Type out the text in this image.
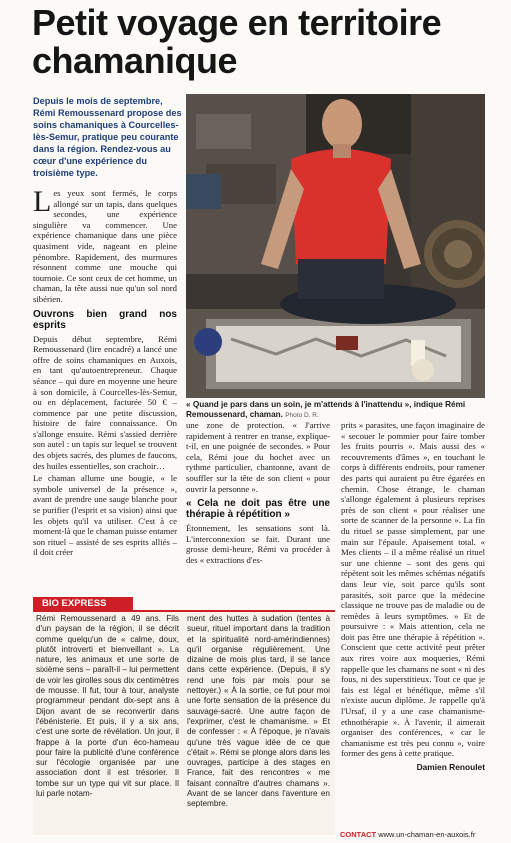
Petit voyage en territoire chamanique

Depuis le mois de septembre, Rémi Remoussenard propose des soins chamaniques à Courcelles-lès-Semur, pratique peu courante dans la région. Rendez-vous au cœur d'une expérience du troisième type.

« Quand je pars dans un soin, je m'attends à l'inattendu », indique Rémi Remoussenard, chaman. Photo D. R.

Les yeux sont fermés, le corps allongé sur un tapis, dans quelques secondes, une expérience singulière va commencer. Une expérience chamanique dans une pièce quasiment vide, nageant en pleine pénombre. Rapidement, des murmures résonnent comme une mouche qui tournoie. Ce sont ceux de cet homme, un chaman, la tête aussi nue qu'un sol nord sibérien.

Ouvrons bien grand nos esprits

Depuis début septembre, Rémi Remoussenard (lire encadré) a lancé une offre de soins chamaniques en Auxois, en tant qu'autoentrepreneur. Chaque séance – qui dure en moyenne une heure à son domicile, à Courcelles-lès-Semur, ou en déplacement, facturée 50 € – commence par une petite discussion, histoire de faire connaissance. On s'allonge ensuite. Rémi s'assied derrière son autel : un tapis sur lequel se trouvent des objets sacrés, des plumes de faucons, des huiles essentielles, son crachoir…

Le chaman allume une bougie, « le symbole universel de la présence », avant de prendre une sauge blanche pour se purifier (l'esprit et sa vision) ainsi que les objets qu'il va utiliser. C'est à ce moment-là que le chaman puisse entamer son rituel – assisté de ses esprits alliés – il doit créer

une zone de protection. « J'arrive rapidement à rentrer en transe, explique-t-il, en une poignée de secondes. » Pour cela, Rémi joue du hochet avec un rythme particulier, chantonne, avant de souffler sur la tête de son client « pour ouvrir la personne ».

« Cela ne doit pas être une thérapie à répétition »

Étonnement, les sensations sont là. L'interconnexion se fait. Durant une grosse demi-heure, Rémi va procéder à des « extractions d'es-

prits » parasites, une façon imaginaire de « secouer le pommier pour faire tomber les fruits pourris ». Mais aussi des « recouvrements d'âmes », en touchant le corps à différents endroits, pour ramener des parts qui auraient pu être égarées en chemin. Chose étrange, le chaman s'allonge également à plusieurs reprises près de son client « pour réaliser une sorte de scanner de la personne ». La fin du rituel se passe simplement, par une main sur l'épaule. Apaisement total. « Mes clients – il a même réalisé un rituel sur une chienne – sont des gens qui répètent soit les mêmes schémas négatifs dans leur vie, soit parce qu'ils sont parasités, soit parce que la médecine classique ne trouve pas de maladie ou de remèdes à leurs symptômes. » Et de poursuivre : « Mais attention, cela ne doit pas être une thérapie à répétition ». Conscient que cette activité peut prêter aux rires voire aux moqueries, Rémi rappelle que les chamans ne sont « ni des fous, ni des superstitieux. Tout ce que je fais est légal et bénéfique, même s'il n'existe aucun diplôme. Je rappelle qu'à l'Ursaf, il y a une case chamanisme-ethnothérapie ». À l'avenir, il aimerait organiser des conférences, « car le chamanisme est très peu connu », voire former des gens à cette pratique.

Damien Renoulet
BIO EXPRESS

Rémi Remoussenard a 49 ans. Fils d'un paysan de la région, il se décrit comme quelqu'un de « calme, doux, plutôt introverti et bienveillant ». La nature, les animaux et une sorte de sixième sens – paraît-il – lui permettent de voir les girolles sous dix centimètres de mousse. Il fut, tour à tour, analyste programmeur pendant dix-sept ans à Dijon avant de se reconvertir dans l'ébénisterie. Et puis, il y a six ans, c'est une sorte de révélation. Un jour, il frappe à la porte d'un éco-hameau pour faire la publicité d'une conférence sur l'écologie organisée par une association dont il est trésorier. Il tombe sur un type qui vit sur place. Il lui parle notam-

ment des huttes à sudation (tentes à sueur, rituel important dans la tradition et la spiritualité nord-amérindiennes) qu'il organise régulièrement. Une dizaine de mois plus tard, il se lance dans cette expérience. (Depuis, il s'y rend une fois par mois pour se nettoyer.) « À la sortie, ce fut pour moi une forte sensation de la présence du sauvage-sacré. Une autre façon de l'exprimer, c'est le chamanisme. » Et de confesser : « À l'époque, je n'avais qu'une très vague idée de ce que c'était ». Rémi se plonge alors dans les ouvrages, participe à des stages en France, fait des rencontres « me faisant connaître d'autres chamans ». Avant de se lancer dans l'aventure en septembre.

CONTACT www.un-chaman-en-auxois.fr
